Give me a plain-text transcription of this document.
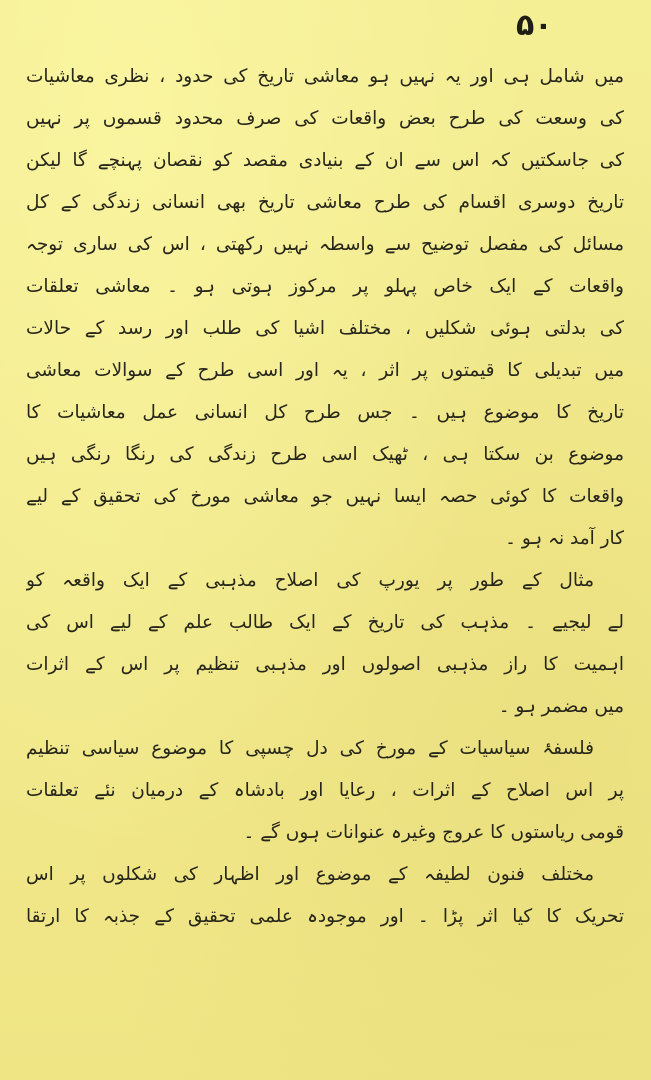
۵۰
میں شامل ہی اور یہ نہیں ہو معاشی تاریخ کی حدود ، نظری معاشیات
کی وسعت کی طرح بعض واقعات کی صرف محدود قسموں پر نہیں
کی جاسکتیں کہ اس سے ان کے بنیادی مقصد کو نقصان پہنچے گا لیکن
تاریخ دوسری اقسام کی طرح معاشی تاریخ بھی انسانی زندگی کے کل
مسائل کی مفصل توضیح سے واسطہ نہیں رکھتی ، اس کی ساری توجہ
واقعات کے ایک خاص پہلو پر مرکوز ہوتی ہو ۔ معاشی تعلقات
کی بدلتی ہوئی شکلیں ، مختلف اشیا کی طلب اور رسد کے حالات
میں تبدیلی کا قیمتوں پر اثر ، یہ اور اسی طرح کے سوالات معاشی
تاریخ کا موضوع ہیں ۔ جس طرح کل انسانی عمل معاشیات کا
موضوع بن سکتا ہی ، ٹھیک اسی طرح زندگی کی رنگا رنگی ہیں
واقعات کا کوئی حصہ ایسا نہیں جو معاشی مورخ کی تحقیق کے لیے
کار آمد نہ ہو ۔
مثال کے طور پر یورپ کی اصلاح مذہبی کے ایک واقعہ کو
لے لیجیے ۔ مذہب کی تاریخ کے ایک طالب علم کے لیے اس کی
اہمیت کا راز مذہبی اصولوں اور مذہبی تنظیم پر اس کے اثرات
میں مضمر ہو ۔
فلسفۂ سیاسیات کے مورخ کی دل چسپی کا موضوع سیاسی تنظیم
پر اس اصلاح کے اثرات ، رعایا اور بادشاہ کے درمیان نئے تعلقات
قومی ریاستوں کا عروج وغیرہ عنوانات ہوں گے ۔
مختلف فنون لطیفہ کے موضوع اور اظہار کی شکلوں پر اس
تحریک کا کیا اثر پڑا ۔ اور موجودہ علمی تحقیق کے جذبہ کا ارتقا
